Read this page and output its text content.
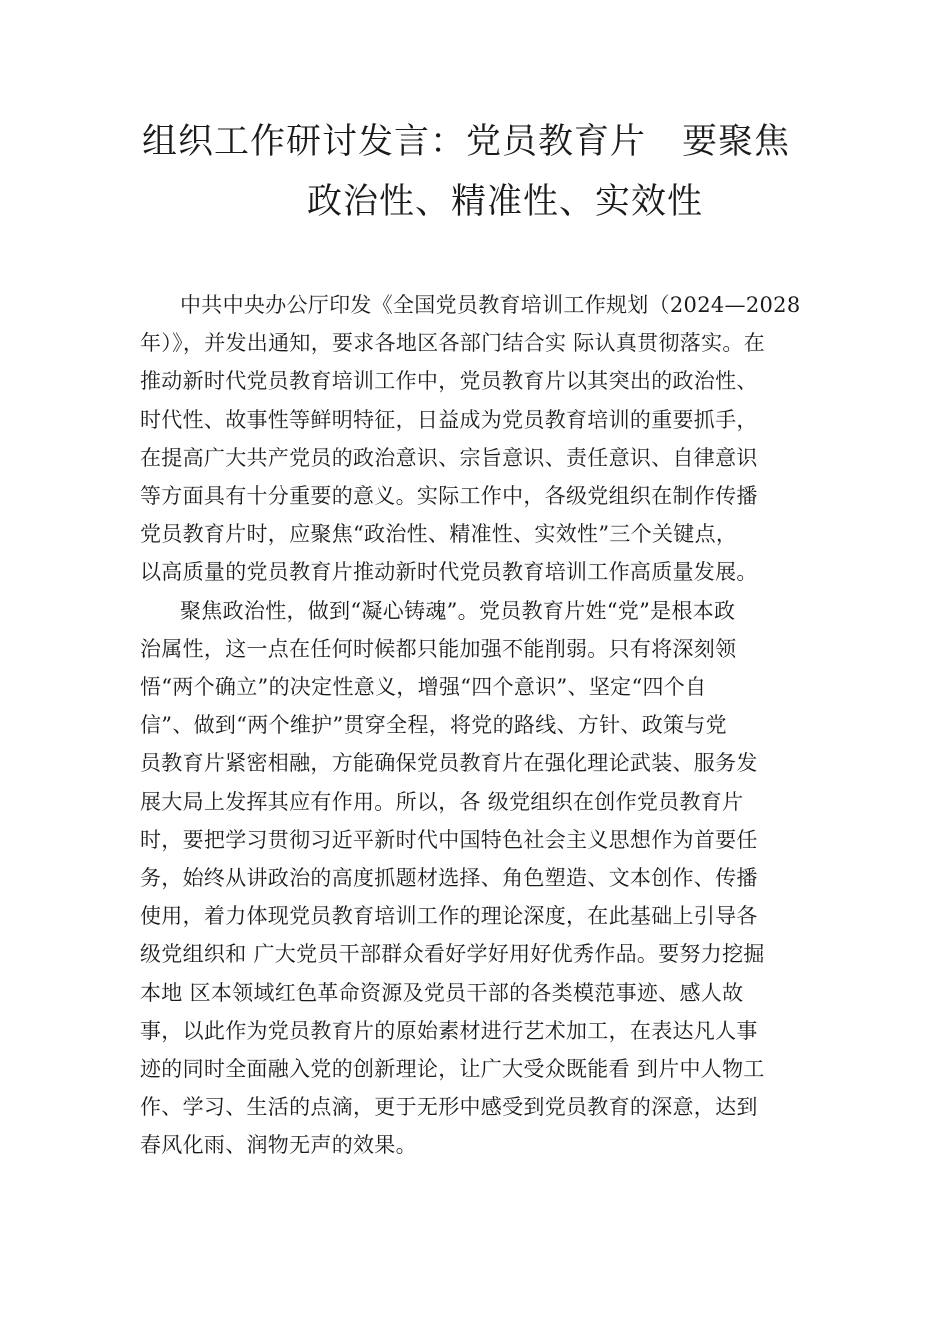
组织工作研讨发言：党员教育片　要聚焦
政治性、精准性、实效性
中共中央办公厅印发《全国党员教育培训工作规划（2024—2028
年）》，并发出通知，要求各地区各部门结合实 际认真贯彻落实。在
推动新时代党员教育培训工作中，党员教育片以其突出的政治性、
时代性、故事性等鲜明特征，日益成为党员教育培训的重要抓手，
在提高广大共产党员的政治意识、宗旨意识、责任意识、自律意识
等方面具有十分重要的意义。实际工作中，各级党组织在制作传播
党员教育片时，应聚焦“政治性、精准性、实效性”三个关键点，
以高质量的党员教育片推动新时代党员教育培训工作高质量发展。
聚焦政治性，做到“凝心铸魂”。党员教育片姓“党”是根本政
治属性，这一点在任何时候都只能加强不能削弱。只有将深刻领
悟“两个确立”的决定性意义，增强“四个意识”、坚定“四个自
信”、做到“两个维护”贯穿全程，将党的路线、方针、政策与党
员教育片紧密相融，方能确保党员教育片在强化理论武装、服务发
展大局上发挥其应有作用。所以，各 级党组织在创作党员教育片
时，要把学习贯彻习近平新时代中国特色社会主义思想作为首要任
务，始终从讲政治的高度抓题材选择、角色塑造、文本创作、传播
使用，着力体现党员教育培训工作的理论深度，在此基础上引导各
级党组织和 广大党员干部群众看好学好用好优秀作品。要努力挖掘
本地 区本领域红色革命资源及党员干部的各类模范事迹、感人故
事，以此作为党员教育片的原始素材进行艺术加工，在表达凡人事
迹的同时全面融入党的创新理论，让广大受众既能看 到片中人物工
作、学习、生活的点滴，更于无形中感受到党员教育的深意，达到
春风化雨、润物无声的效果。
